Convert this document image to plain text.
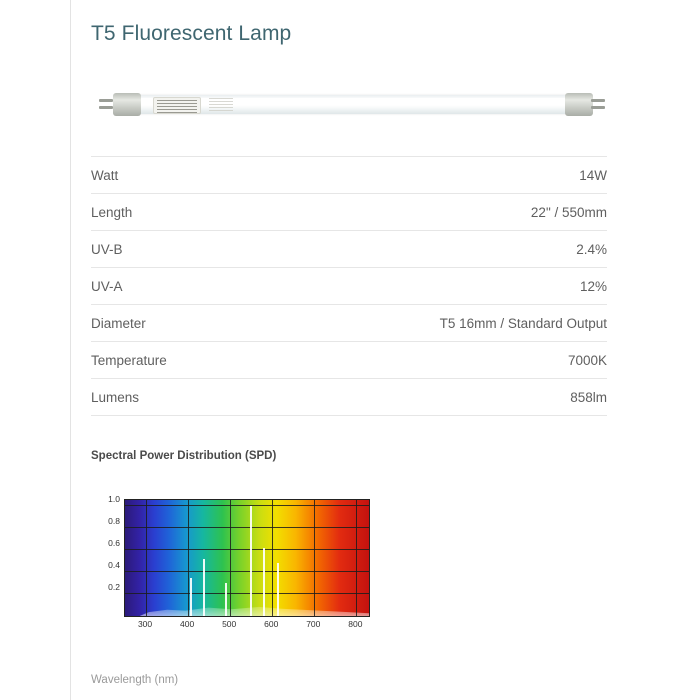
T5 Fluorescent Lamp
Watt	14W
Length	22" / 550mm
UV-B	2.4%
UV-A	12%
Diameter	T5 16mm / Standard Output
Temperature	7000K
Lumens	858lm
Spectral Power Distribution (SPD)
0.2
0.4
0.6
0.8
1.0
300	400	500	600	700	800
Wavelength (nm)
